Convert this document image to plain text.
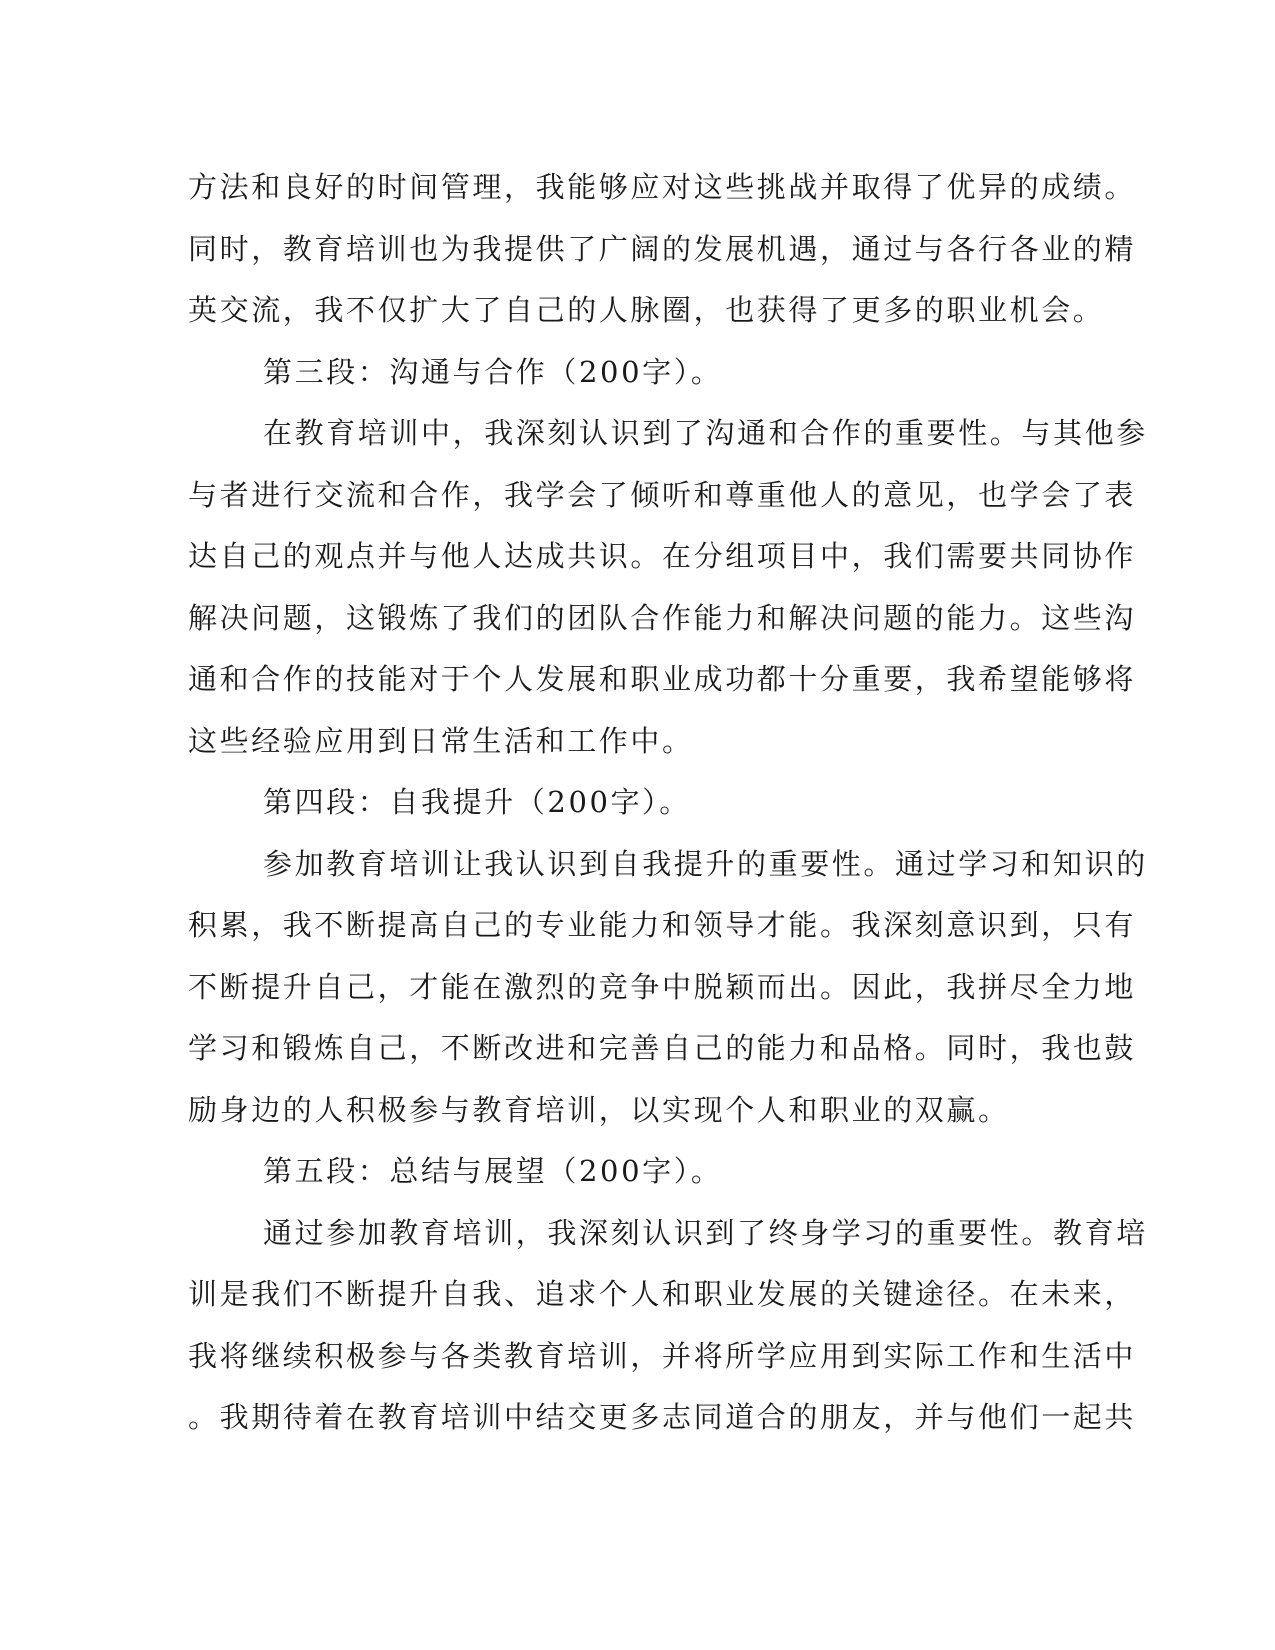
方法和良好的时间管理，我能够应对这些挑战并取得了优异的成绩。
同时，教育培训也为我提供了广阔的发展机遇，通过与各行各业的精
英交流，我不仅扩大了自己的人脉圈，也获得了更多的职业机会。
第三段：沟通与合作（200字）。
在教育培训中，我深刻认识到了沟通和合作的重要性。与其他参
与者进行交流和合作，我学会了倾听和尊重他人的意见，也学会了表
达自己的观点并与他人达成共识。在分组项目中，我们需要共同协作
解决问题，这锻炼了我们的团队合作能力和解决问题的能力。这些沟
通和合作的技能对于个人发展和职业成功都十分重要，我希望能够将
这些经验应用到日常生活和工作中。
第四段：自我提升（200字）。
参加教育培训让我认识到自我提升的重要性。通过学习和知识的
积累，我不断提高自己的专业能力和领导才能。我深刻意识到，只有
不断提升自己，才能在激烈的竞争中脱颖而出。因此，我拼尽全力地
学习和锻炼自己，不断改进和完善自己的能力和品格。同时，我也鼓
励身边的人积极参与教育培训，以实现个人和职业的双赢。
第五段：总结与展望（200字）。
通过参加教育培训，我深刻认识到了终身学习的重要性。教育培
训是我们不断提升自我、追求个人和职业发展的关键途径。在未来，
我将继续积极参与各类教育培训，并将所学应用到实际工作和生活中
。我期待着在教育培训中结交更多志同道合的朋友，并与他们一起共
